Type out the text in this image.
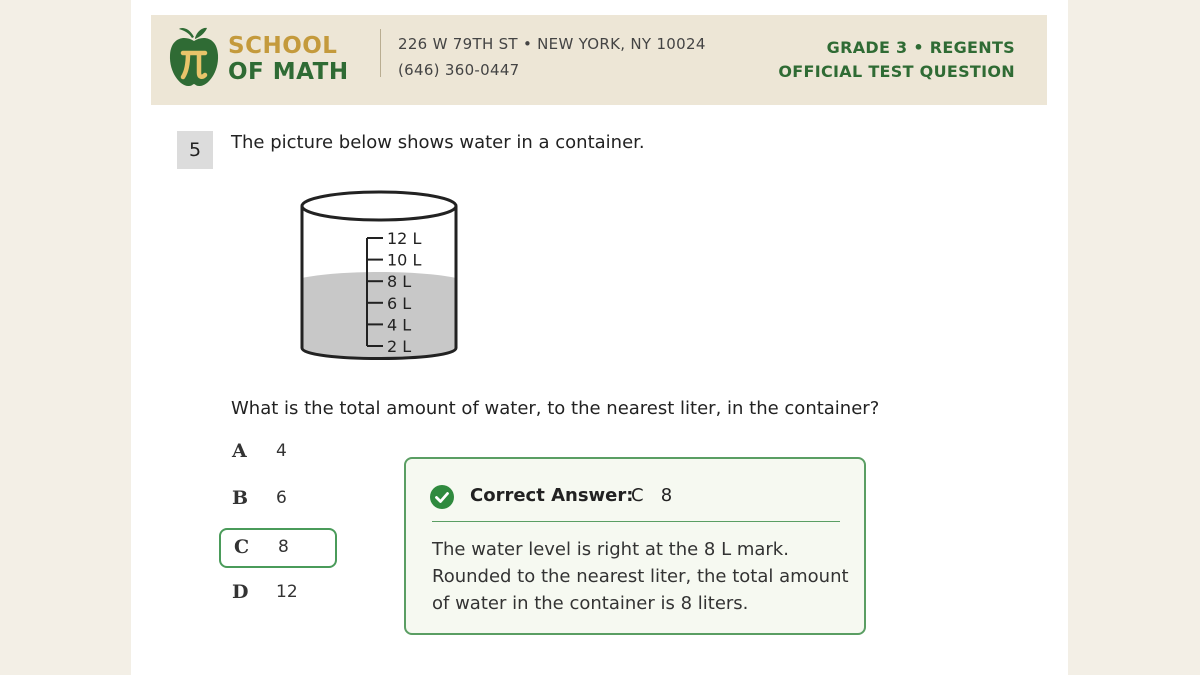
SCHOOL
OF MATH
226 W 79TH ST • NEW YORK, NY 10024
(646) 360-0447
GRADE 3 • REGENTS
OFFICIAL TEST QUESTION
5	The picture below shows water in a container.
12 L
10 L
8 L
6 L
4 L
2 L
What is the total amount of water, to the nearest liter, in the container?
A 4
B 6
C 8
D 12
Correct Answer:
C   8
The water level is right at the 8 L mark.
Rounded to the nearest liter, the total amount
of water in the container is 8 liters.
